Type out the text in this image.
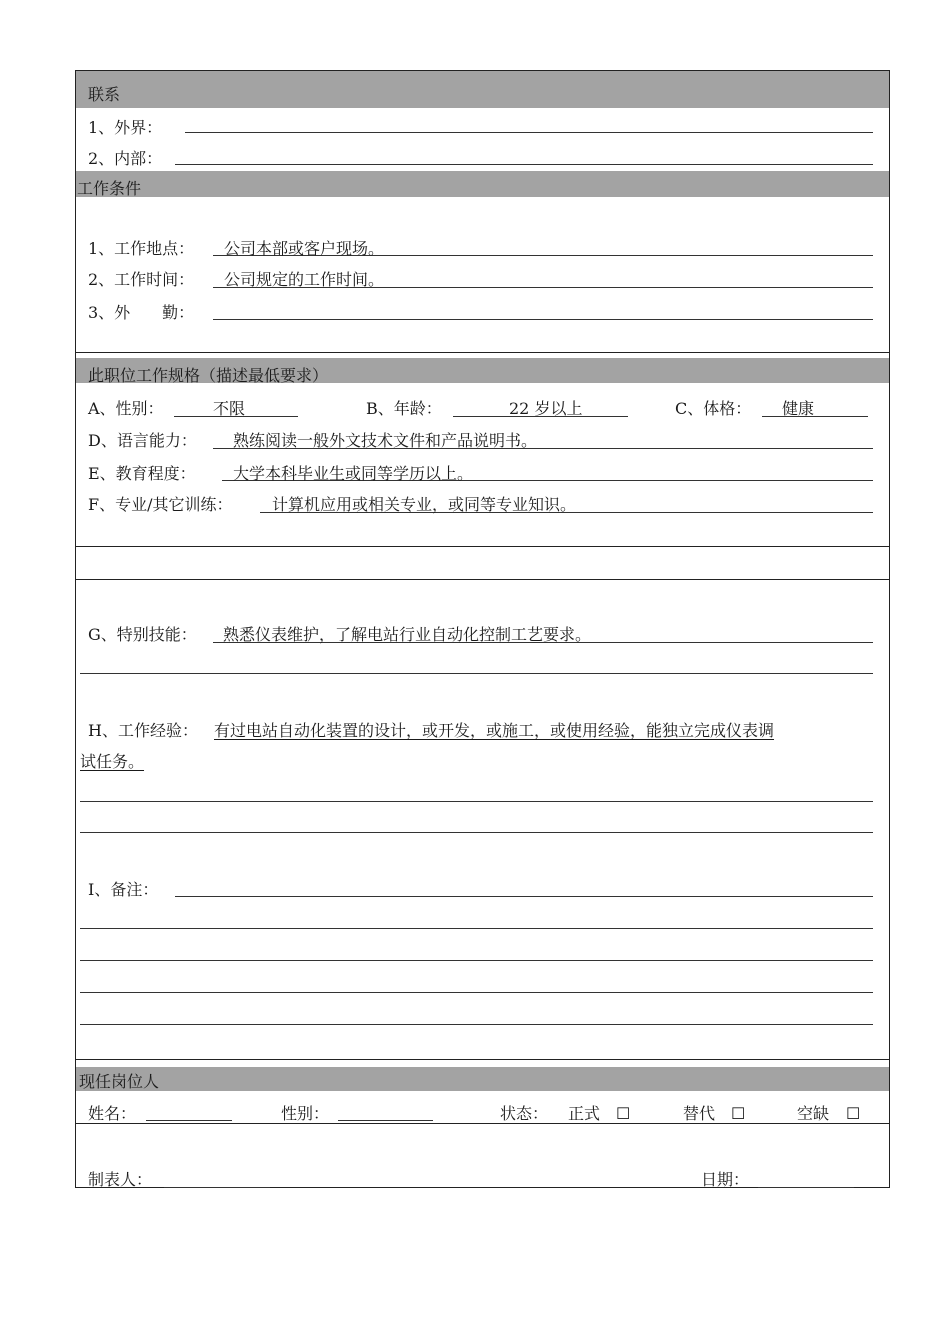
联系
1、外界：
2、内部：
工作条件
1、工作地点： 公司本部或客户现场。
2、工作时间： 公司规定的工作时间。
3、外　　勤：
此职位工作规格（描述最低要求）
A、性别：	不限	B、年龄：	22 岁以上	C、体格： 健康
D、语言能力： 熟练阅读一般外文技术文件和产品说明书。
E、教育程度： 大学本科毕业生或同等学历以上。
F、专业/其它训练： 计算机应用或相关专业，或同等专业知识。
G、特别技能： 熟悉仪表维护，了解电站行业自动化控制工艺要求。
H、工作经验： 有过电站自动化装置的设计，或开发，或施工，或使用经验，能独立完成仪表调
试任务。
I、备注：
现任岗位人
姓名：	性别：	状态： 正式 ☐	替代 ☐	空缺 ☐
制表人：	日期：
